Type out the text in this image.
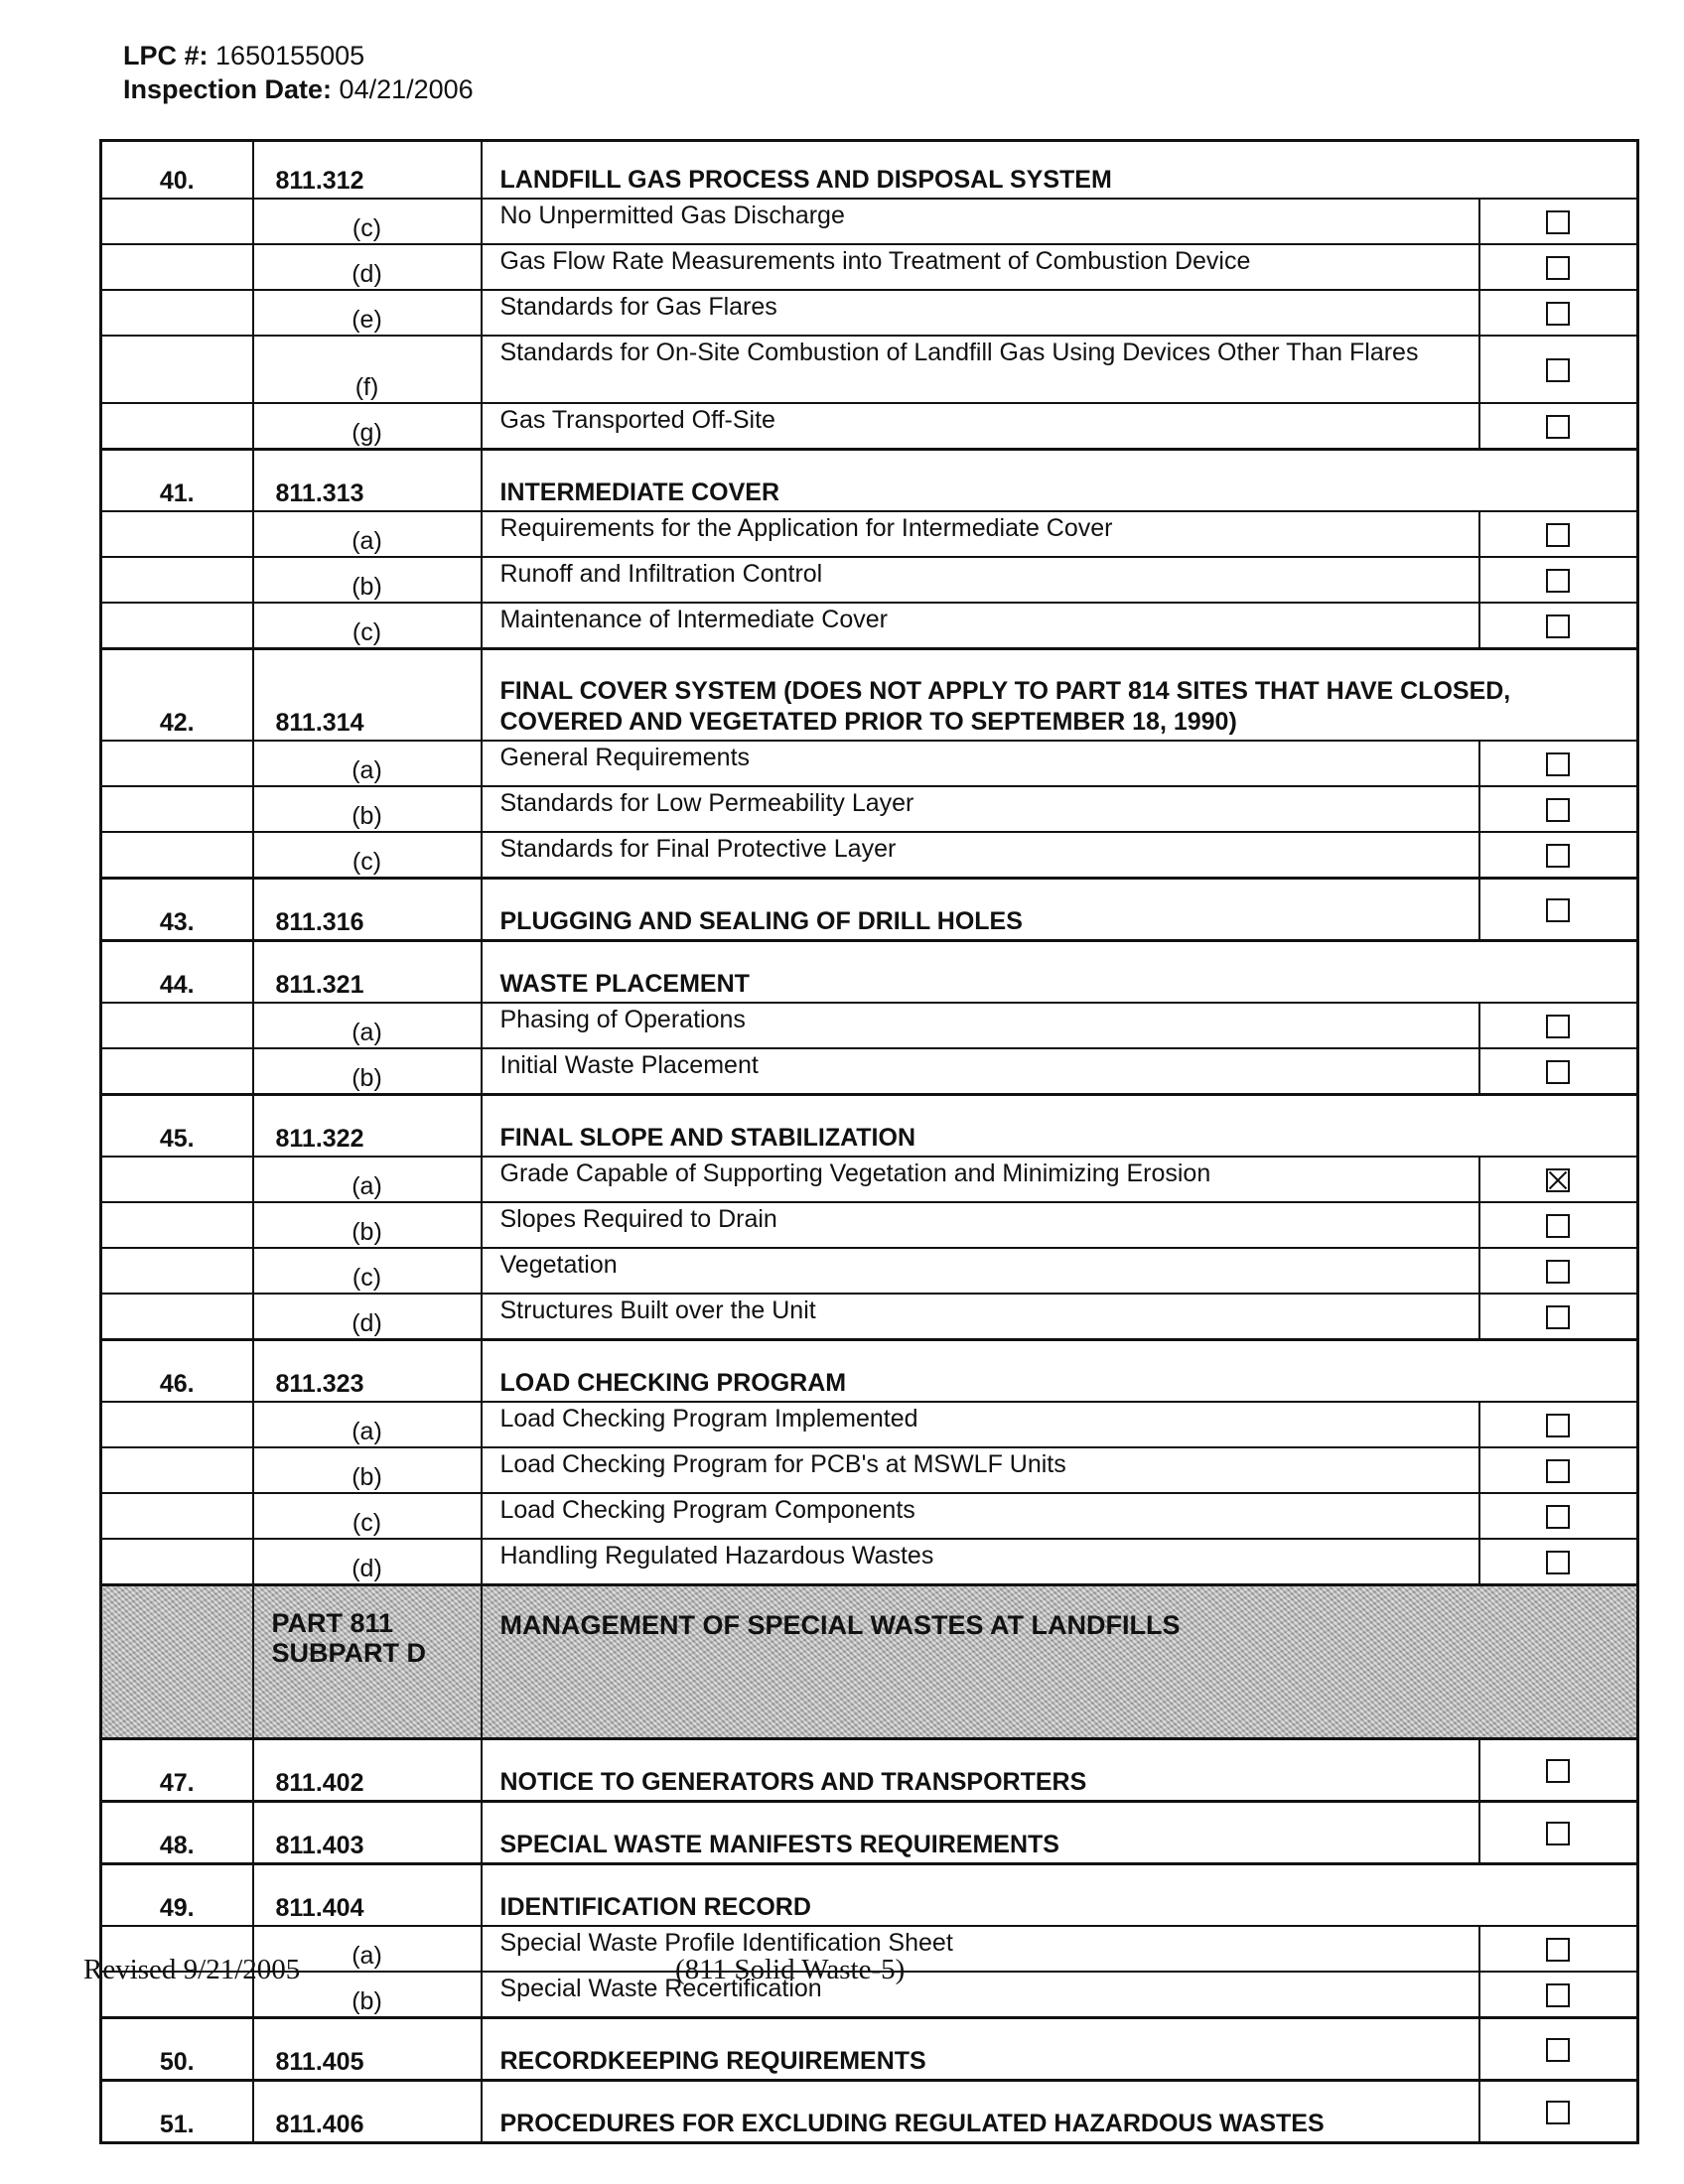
LPC #: 1650155005
Inspection Date: 04/21/2006
40.	811.312	LANDFILL GAS PROCESS AND DISPOSAL SYSTEM	
	(c)	No Unpermitted Gas Discharge	
	(d)	Gas Flow Rate Measurements into Treatment of Combustion Device	
	(e)	Standards for Gas Flares	
	(f)	Standards for On-Site Combustion of Landfill Gas Using Devices Other Than Flares	
	(g)	Gas Transported Off-Site	
41.	811.313	INTERMEDIATE COVER	
	(a)	Requirements for the Application for Intermediate Cover	
	(b)	Runoff and Infiltration Control	
	(c)	Maintenance of Intermediate Cover	
42.	811.314	FINAL COVER SYSTEM (DOES NOT APPLY TO PART 814 SITES THAT HAVE CLOSED, COVERED AND VEGETATED PRIOR TO SEPTEMBER 18, 1990)	
	(a)	General Requirements	
	(b)	Standards for Low Permeability Layer	
	(c)	Standards for Final Protective Layer	
43.	811.316	PLUGGING AND SEALING OF DRILL HOLES	
44.	811.321	WASTE PLACEMENT	
	(a)	Phasing of Operations	
	(b)	Initial Waste Placement	
45.	811.322	FINAL SLOPE AND STABILIZATION	
	(a)	Grade Capable of Supporting Vegetation and Minimizing Erosion	
	(b)	Slopes Required to Drain	
	(c)	Vegetation	
	(d)	Structures Built over the Unit	
46.	811.323	LOAD CHECKING PROGRAM	
	(a)	Load Checking Program Implemented	
	(b)	Load Checking Program for PCB's at MSWLF Units	
	(c)	Load Checking Program Components	
	(d)	Handling Regulated Hazardous Wastes	
	PART 811 SUBPART D	MANAGEMENT OF SPECIAL WASTES AT LANDFILLS	
47.	811.402	NOTICE TO GENERATORS AND TRANSPORTERS	
48.	811.403	SPECIAL WASTE MANIFESTS REQUIREMENTS	
49.	811.404	IDENTIFICATION RECORD	
	(a)	Special Waste Profile Identification Sheet	
	(b)	Special Waste Recertification	
50.	811.405	RECORDKEEPING REQUIREMENTS	
51.	811.406	PROCEDURES FOR EXCLUDING REGULATED HAZARDOUS WASTES	
Revised 9/21/2005	(811 Solid Waste-5)
